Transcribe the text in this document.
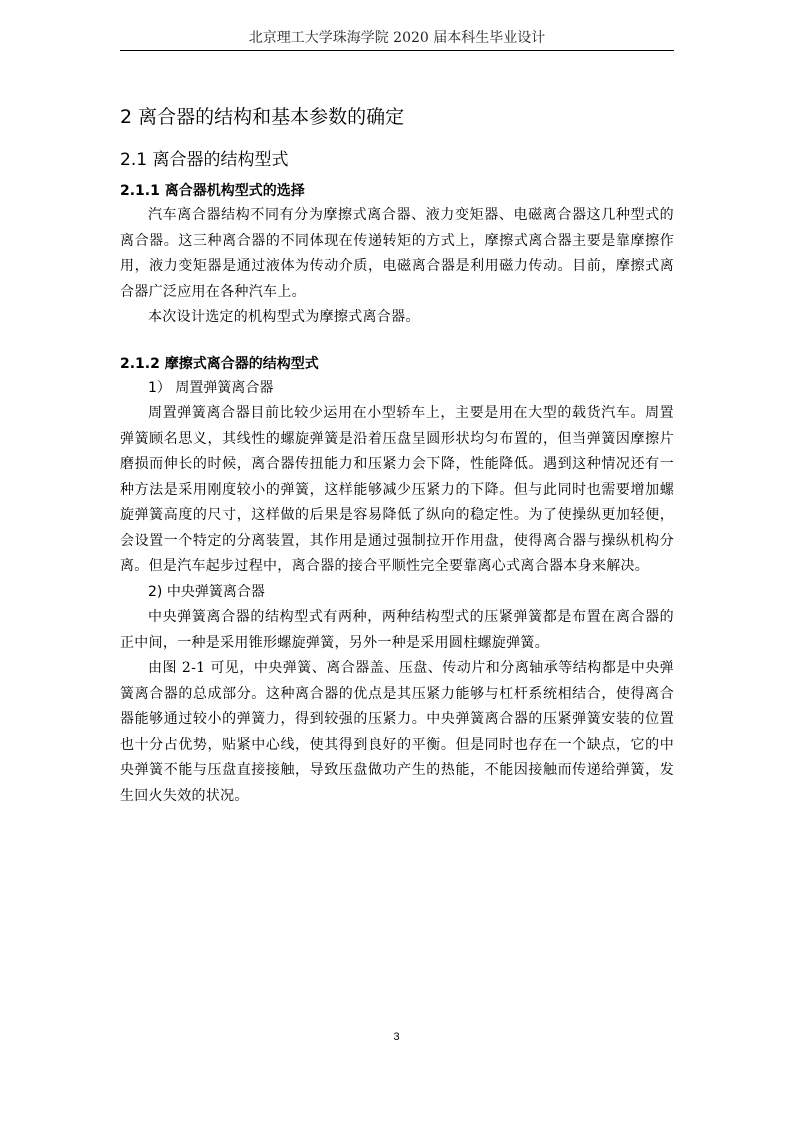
北京理工大学珠海学院 2020 届本科生毕业设计
2 离合器的结构和基本参数的确定
2.1 离合器的结构型式
2.1.1 离合器机构型式的选择

汽车离合器结构不同有分为摩擦式离合器、液力变矩器、电磁离合器这几种型式的离合器。这三种离合器的不同体现在传递转矩的方式上，摩擦式离合器主要是靠摩擦作用，液力变矩器是通过液体为传动介质，电磁离合器是利用磁力传动。目前，摩擦式离合器广泛应用在各种汽车上。

本次设计选定的机构型式为摩擦式离合器。

2.1.2 摩擦式离合器的结构型式

1） 周置弹簧离合器

周置弹簧离合器目前比较少运用在小型轿车上，主要是用在大型的载货汽车。周置弹簧顾名思义，其线性的螺旋弹簧是沿着压盘呈圆形状均匀布置的，但当弹簧因摩擦片磨损而伸长的时候，离合器传扭能力和压紧力会下降，性能降低。遇到这种情况还有一种方法是采用刚度较小的弹簧，这样能够减少压紧力的下降。但与此同时也需要增加螺旋弹簧高度的尺寸，这样做的后果是容易降低了纵向的稳定性。为了使操纵更加轻便，会设置一个特定的分离装置，其作用是通过强制拉开作用盘，使得离合器与操纵机构分离。但是汽车起步过程中，离合器的接合平顺性完全要靠离心式离合器本身来解决。

2) 中央弹簧离合器

中央弹簧离合器的结构型式有两种，两种结构型式的压紧弹簧都是布置在离合器的正中间，一种是采用锥形螺旋弹簧，另外一种是采用圆柱螺旋弹簧。

由图 2-1 可见，中央弹簧、离合器盖、压盘、传动片和分离轴承等结构都是中央弹簧离合器的总成部分。这种离合器的优点是其压紧力能够与杠杆系统相结合，使得离合器能够通过较小的弹簧力，得到较强的压紧力。中央弹簧离合器的压紧弹簧安装的位置也十分占优势，贴紧中心线，使其得到良好的平衡。但是同时也存在一个缺点，它的中央弹簧不能与压盘直接接触，导致压盘做功产生的热能，不能因接触而传递给弹簧，发生回火失效的状况。

3
